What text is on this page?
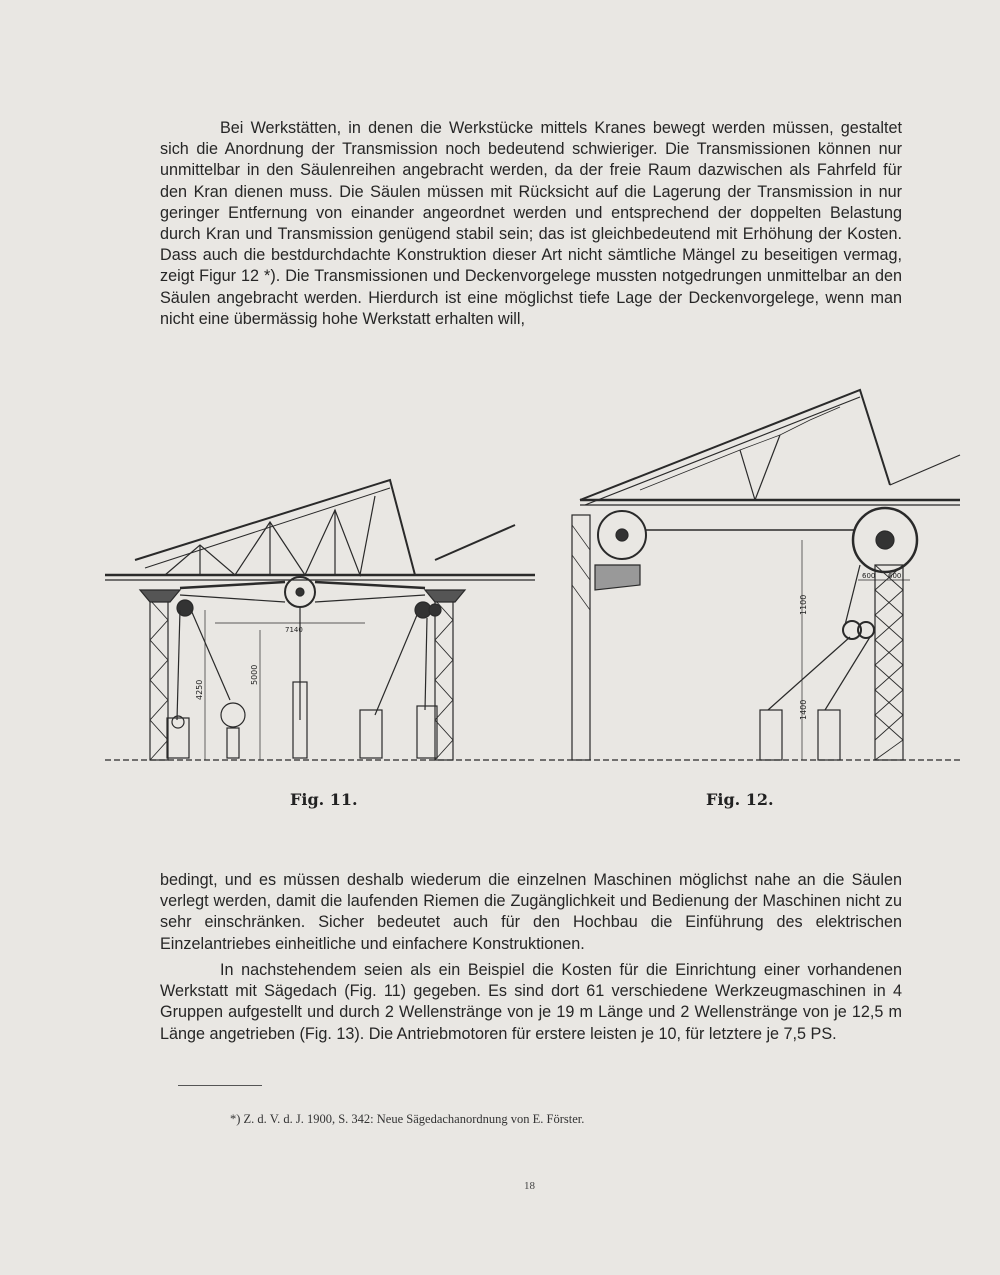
Bei Werkstätten, in denen die Werkstücke mittels Kranes bewegt werden müssen, gestaltet sich die Anordnung der Transmission noch bedeutend schwieriger. Die Transmissionen können nur unmittelbar in den Säulenreihen angebracht werden, da der freie Raum dazwischen als Fahrfeld für den Kran dienen muss. Die Säulen müssen mit Rücksicht auf die Lagerung der Transmission in nur geringer Entfernung von einander angeordnet werden und entsprechend der doppelten Belastung durch Kran und Transmission genügend stabil sein; das ist gleichbedeutend mit Erhöhung der Kosten. Dass auch die bestdurchdachte Konstruktion dieser Art nicht sämtliche Mängel zu beseitigen vermag, zeigt Figur 12 *). Die Transmissionen und Deckenvorgelege mussten notgedrungen unmittelbar an den Säulen angebracht werden. Hierdurch ist eine möglichst tiefe Lage der Deckenvorgelege, wenn man nicht eine übermässig hohe Werkstatt erhalten will,
4250
5000
7140
1100
1400
600 600
Fig. 11.	Fig. 12.
bedingt, und es müssen deshalb wiederum die einzelnen Maschinen möglichst nahe an die Säulen verlegt werden, damit die laufenden Riemen die Zugänglichkeit und Bedienung der Maschinen nicht zu sehr einschränken. Sicher bedeutet auch für den Hochbau die Einführung des elektrischen Einzelantriebes einheitliche und einfachere Konstruktionen.
In nachstehendem seien als ein Beispiel die Kosten für die Einrichtung einer vorhandenen Werkstatt mit Sägedach (Fig. 11) gegeben. Es sind dort 61 verschiedene Werkzeugmaschinen in 4 Gruppen aufgestellt und durch 2 Wellenstränge von je 19 m Länge und 2 Wellenstränge von je 12,5 m Länge angetrieben (Fig. 13). Die Antriebmotoren für erstere leisten je 10, für letztere je 7,5 PS.
*) Z. d. V. d. J. 1900, S. 342: Neue Sägedachanordnung von E. Förster.
18
